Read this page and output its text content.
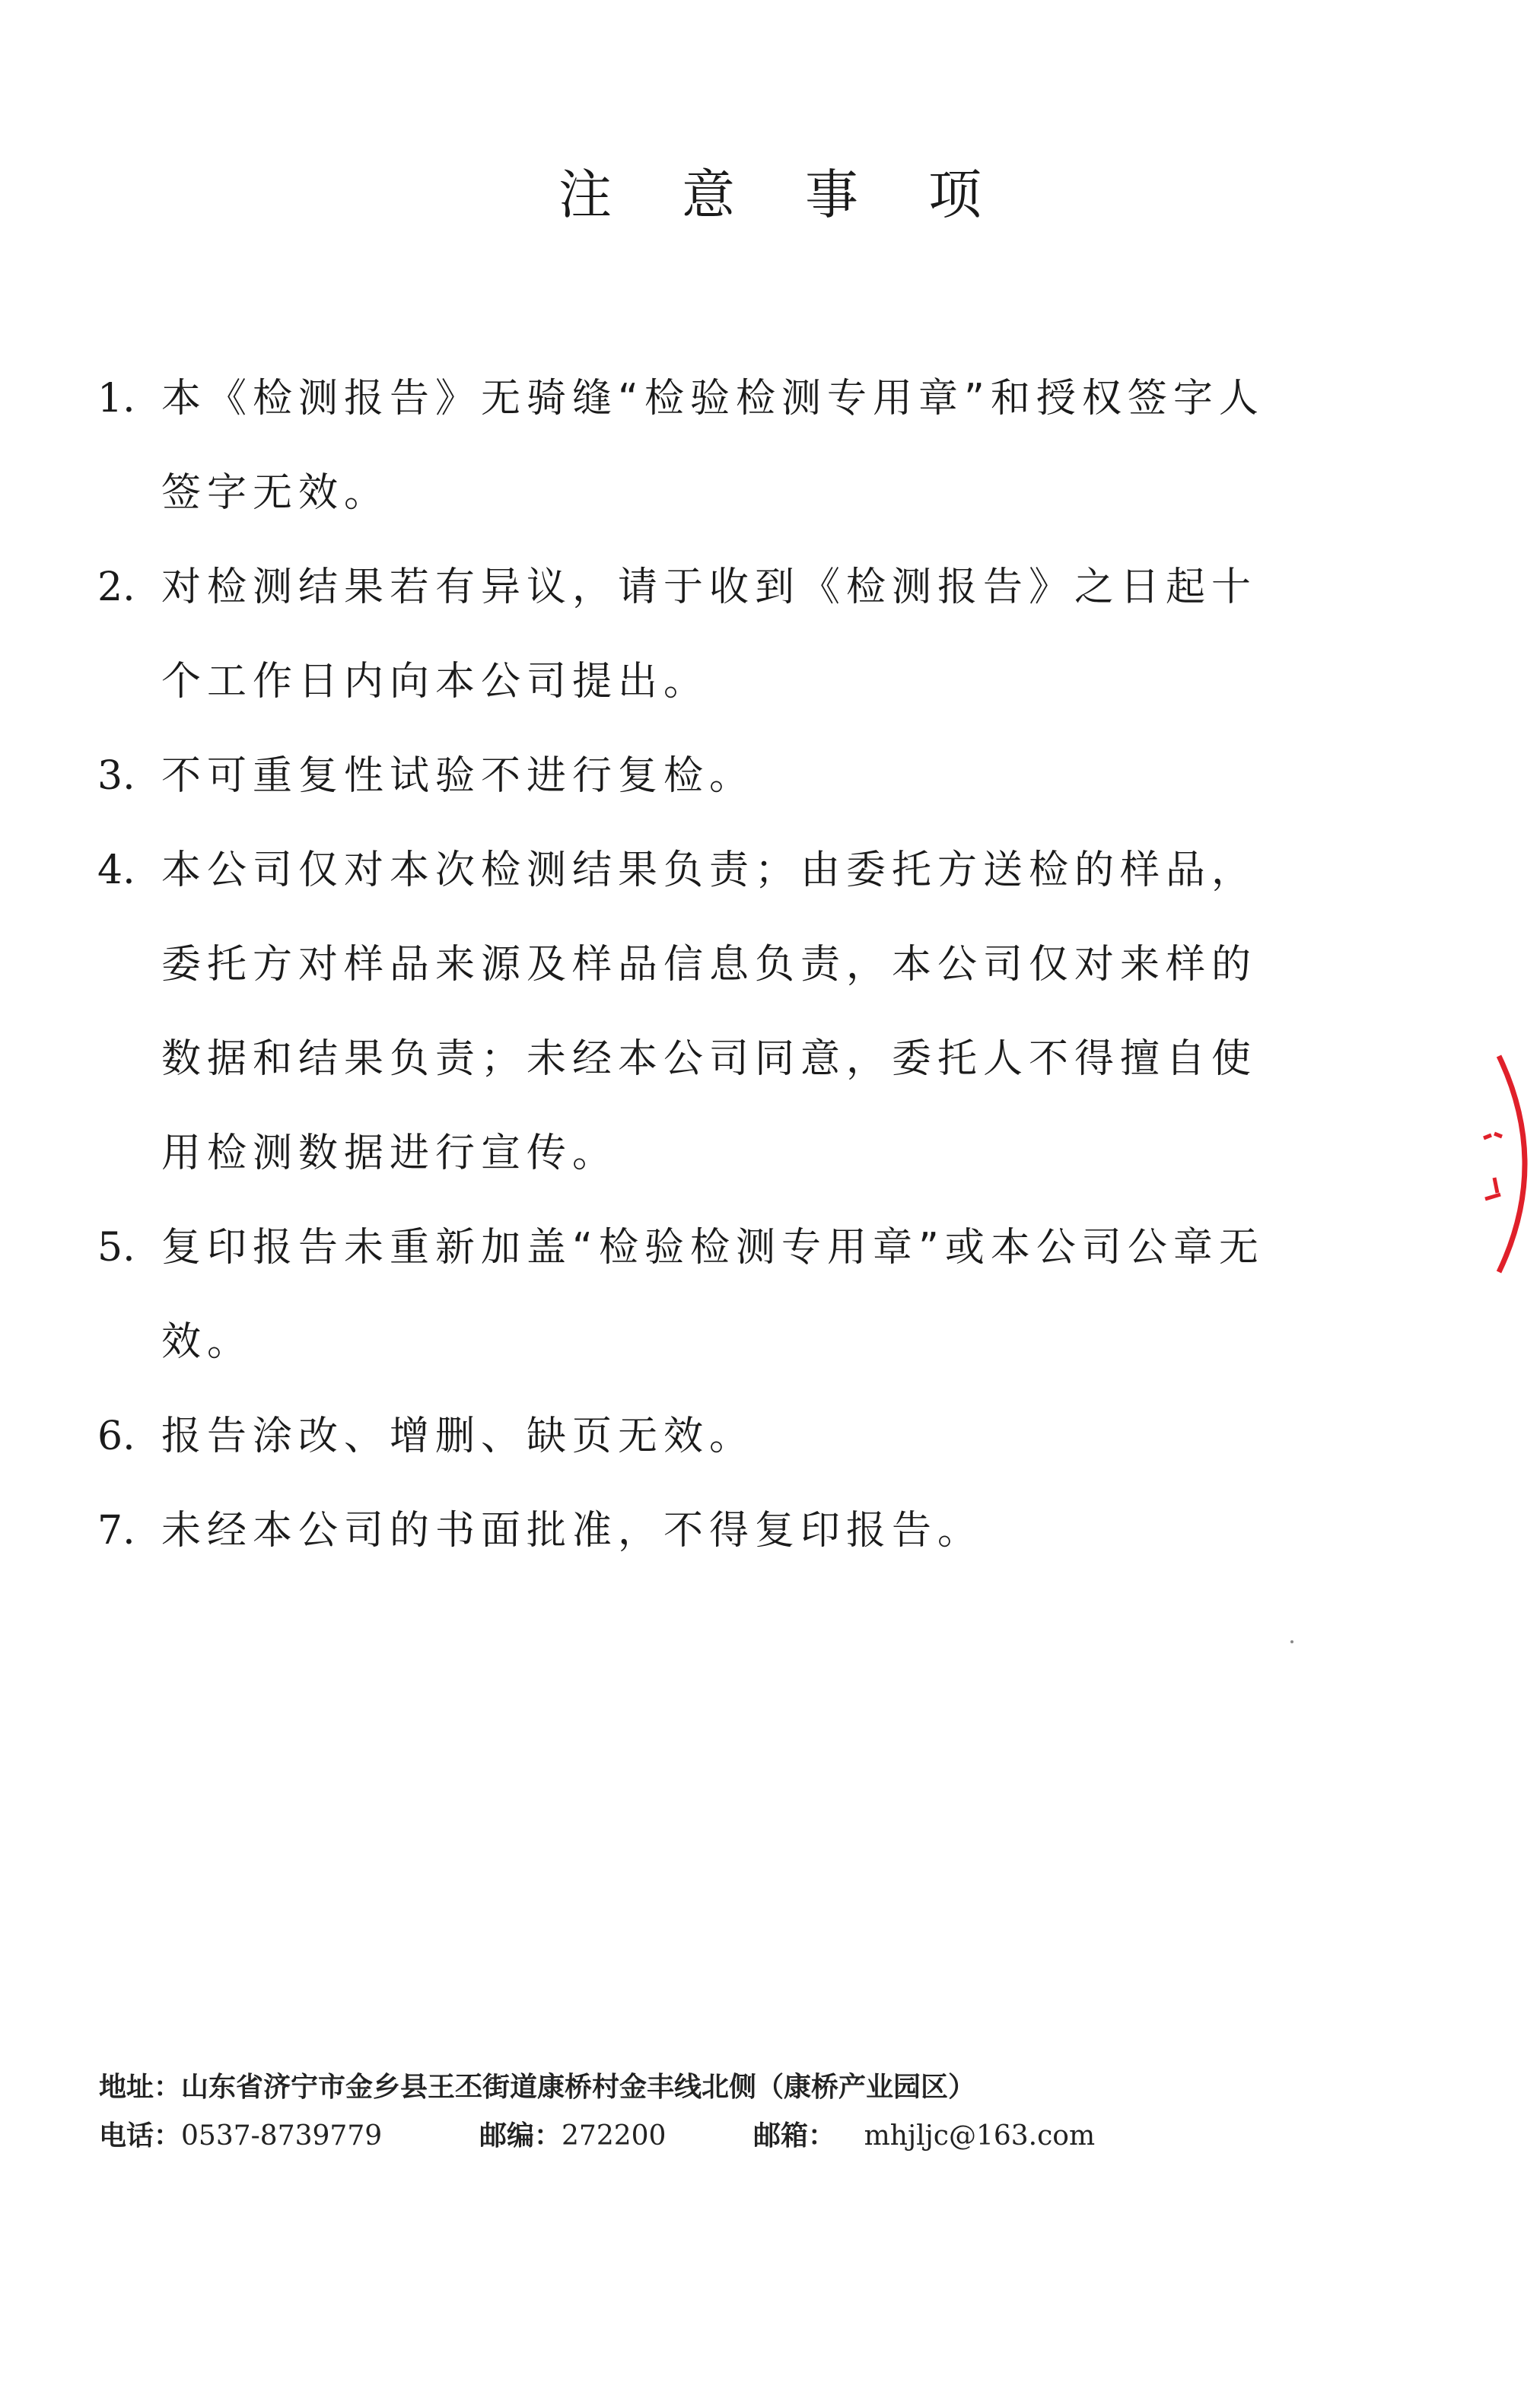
注意事项
1. 本《检测报告》无骑缝“检验检测专用章”和授权签字人签字无效。
2. 对检测结果若有异议，请于收到《检测报告》之日起十个工作日内向本公司提出。
3. 不可重复性试验不进行复检。
4. 本公司仅对本次检测结果负责；由委托方送检的样品，委托方对样品来源及样品信息负责，本公司仅对来样的数据和结果负责；未经本公司同意，委托人不得擅自使用检测数据进行宣传。
5. 复印报告未重新加盖“检验检测专用章”或本公司公章无效。
6. 报告涂改、增删、缺页无效。
7. 未经本公司的书面批准，不得复印报告。
地址：山东省济宁市金乡县王丕街道康桥村金丰线北侧（康桥产业园区）
电话：0537-8739779	邮编：272200	邮箱： mhjljc@163.com
